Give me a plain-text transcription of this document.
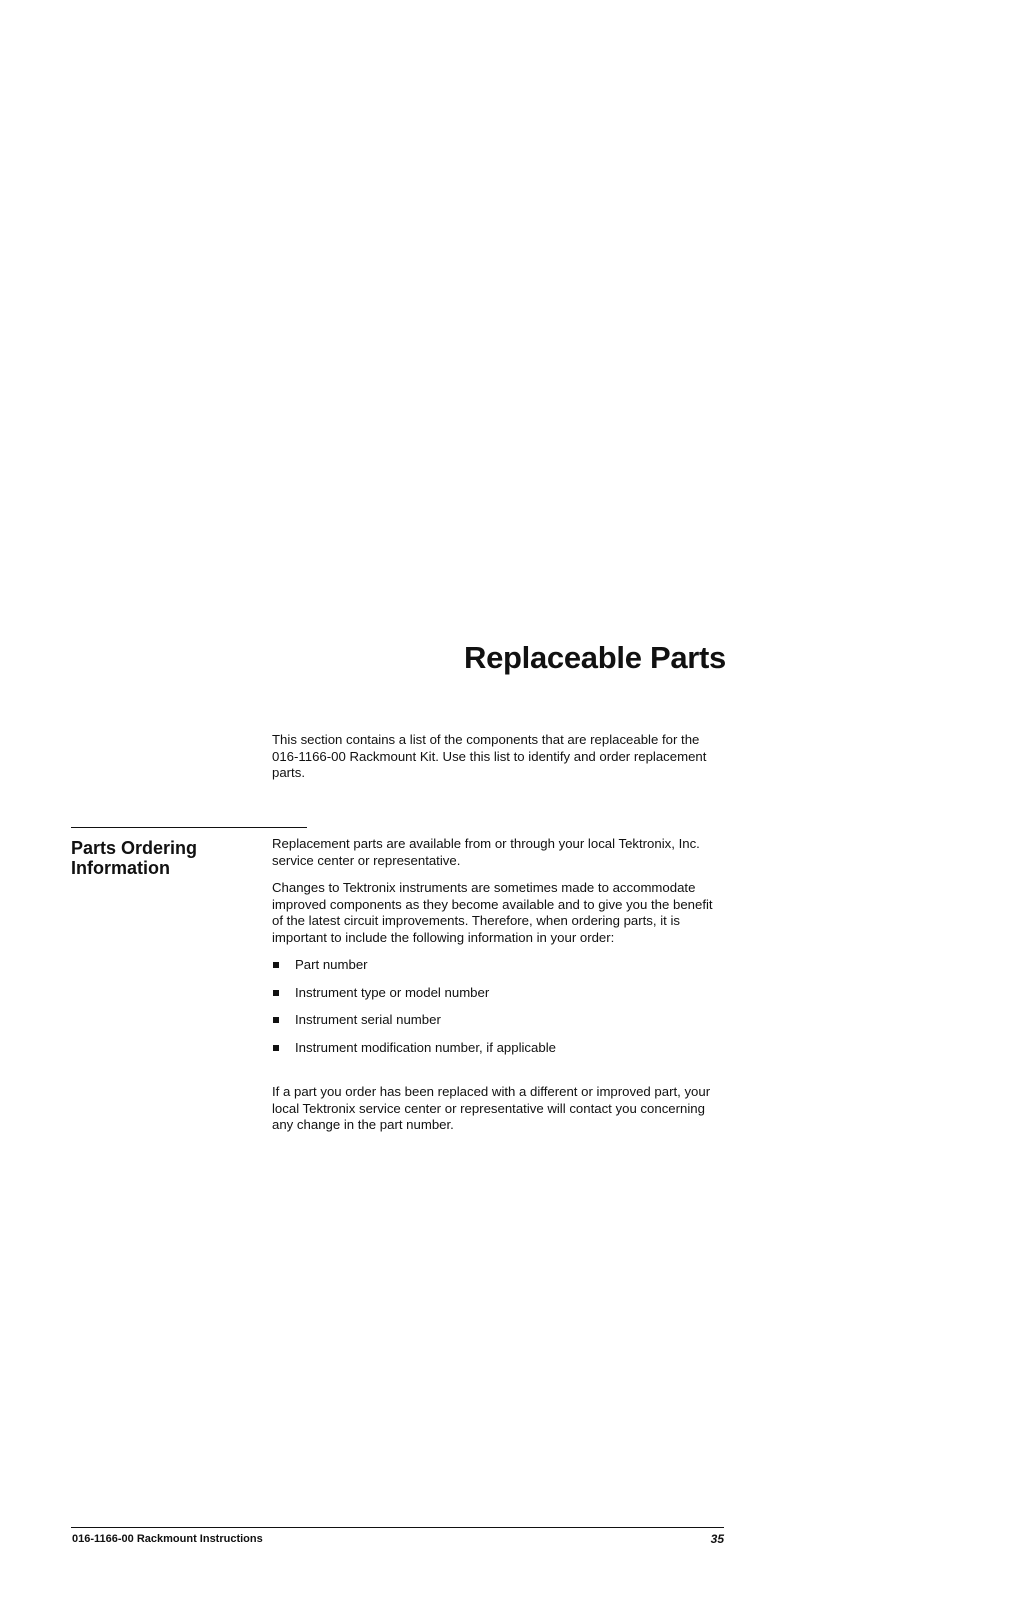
Replaceable Parts

This section contains a list of the components that are replaceable for the 016-1166-00 Rackmount Kit. Use this list to identify and order replacement parts.

Parts Ordering Information

Replacement parts are available from or through your local Tektronix, Inc. service center or representative.

Changes to Tektronix instruments are sometimes made to accommodate improved components as they become available and to give you the benefit of the latest circuit improvements. Therefore, when ordering parts, it is important to include the following information in your order:

Part number
Instrument type or model number
Instrument serial number
Instrument modification number, if applicable

If a part you order has been replaced with a different or improved part, your local Tektronix service center or representative will contact you concerning any change in the part number.

016-1166-00 Rackmount Instructions	35
